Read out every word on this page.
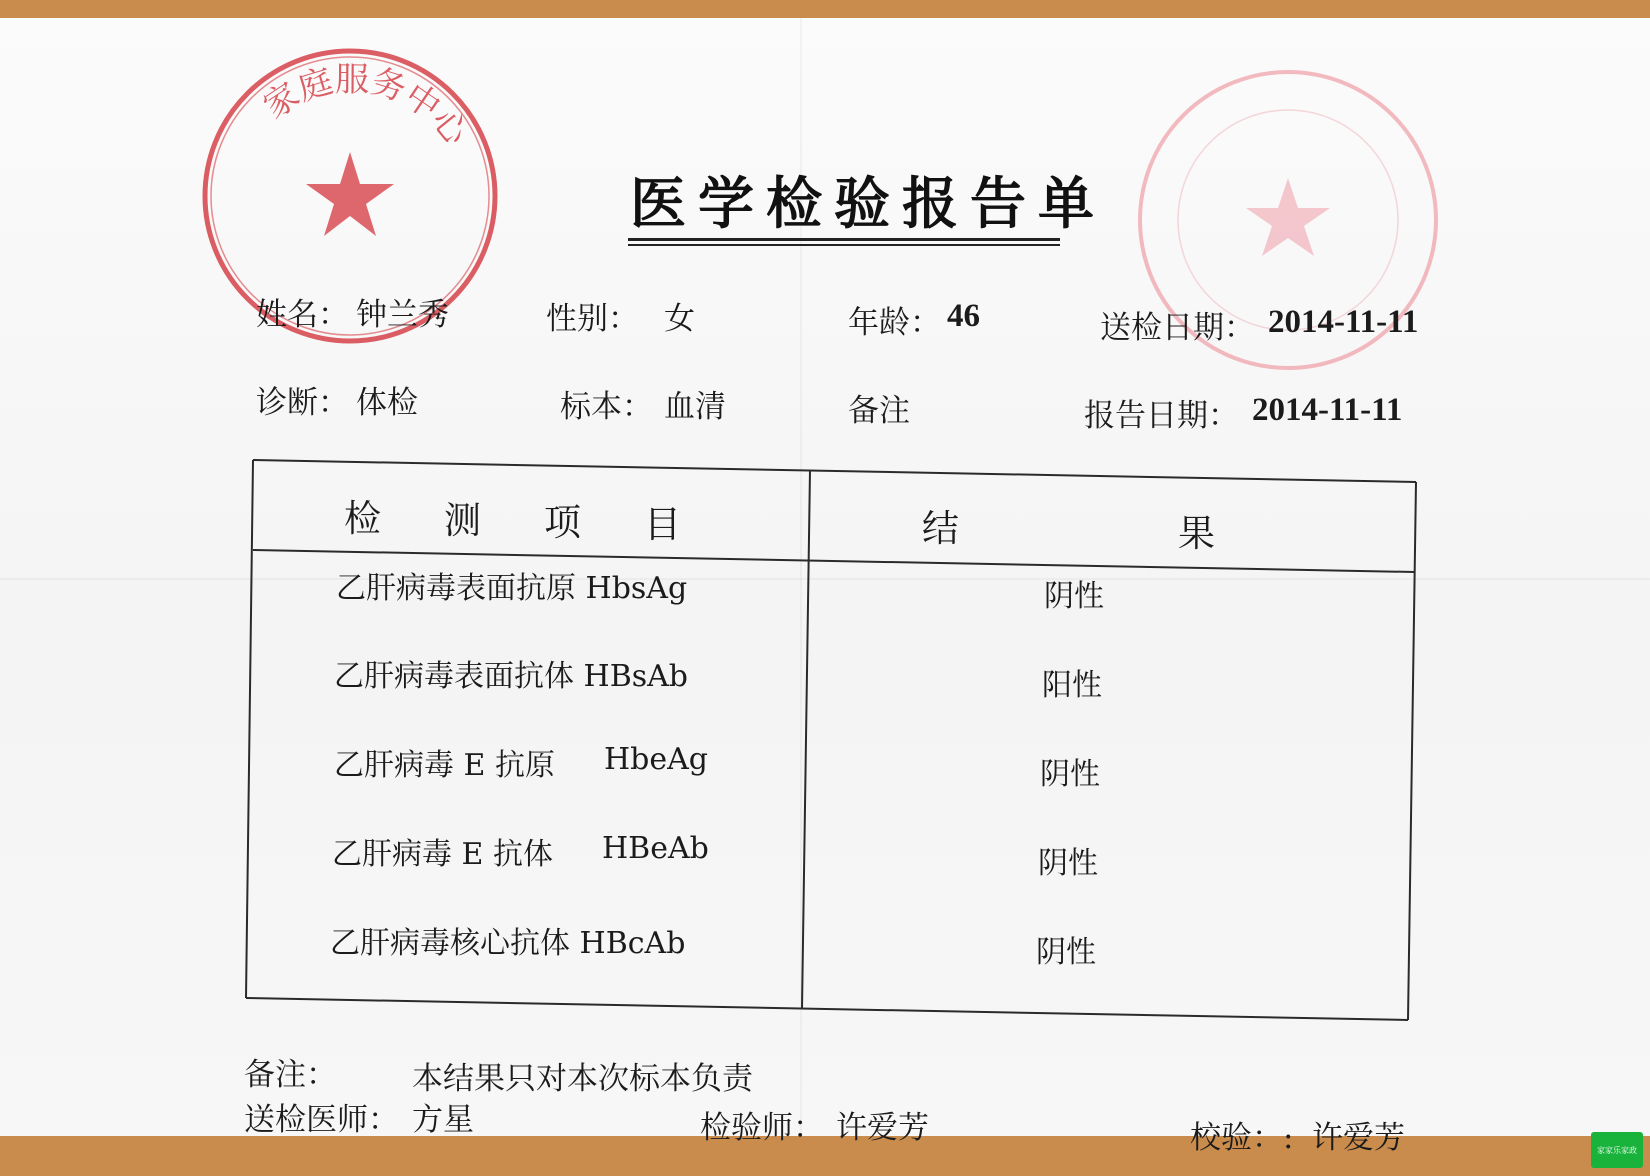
家庭服务中心
医学检验报告单
姓名： 钟兰秀	性别： 女	年龄： 46	送检日期： 2014-11-11
诊断： 体检	标本： 血清	备注	报告日期： 2014-11-11
检 测 项 目	结	果
乙肝病毒表面抗原 HbsAg	阴性
乙肝病毒表面抗体 HBsAb	阳性
乙肝病毒 E 抗原 HbeAg	阴性
乙肝病毒 E 抗体 HBeAb	阴性
乙肝病毒核心抗体 HBcAb	阴性
备注： 本结果只对本次标本负责
送检医师： 方星	检验师： 许爱芳	校验：: 许爱芳	家家乐家政
